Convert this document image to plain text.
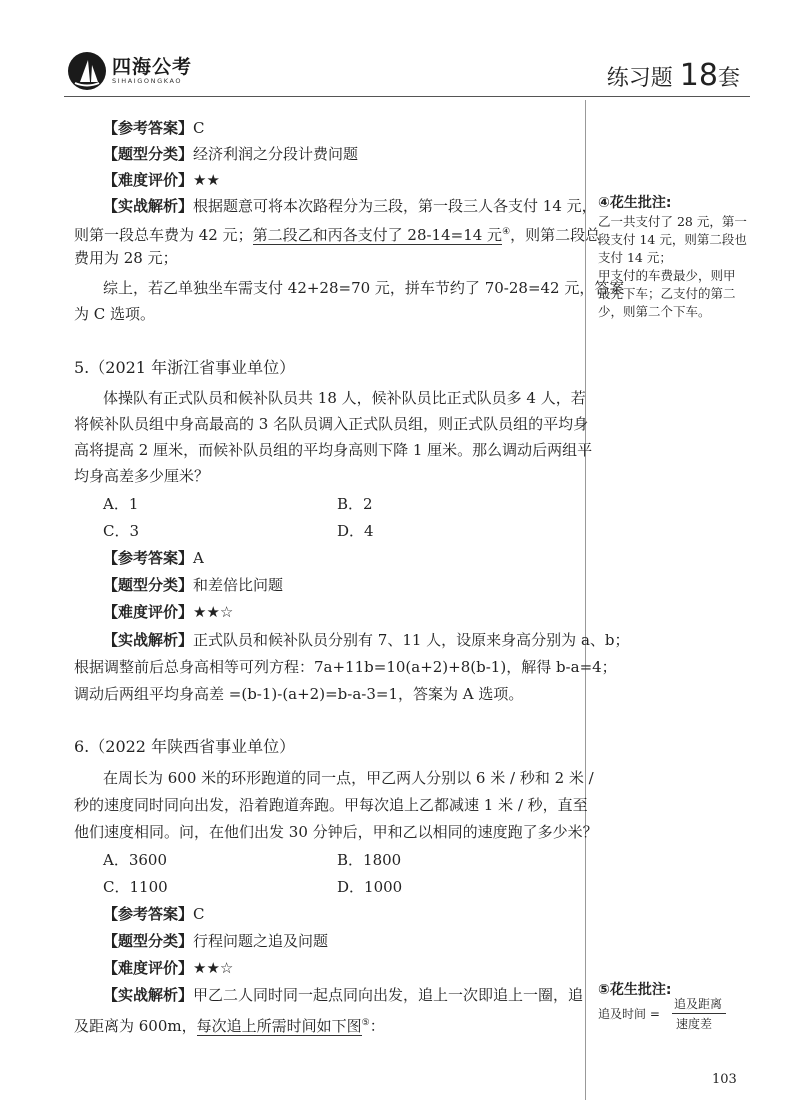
四海公考
SIHAIGONGKAO	练习题 18套
【参考答案】C
【题型分类】经济利润之分段计费问题
【难度评价】★★
【实战解析】根据题意可将本次路程分为三段，第一段三人各支付 14 元，
则第一段总车费为 42 元；第二段乙和丙各支付了 28-14=14 元④，则第二段总
费用为 28 元；
综上，若乙单独坐车需支付 42+28=70 元，拼车节约了 70-28=42 元，答案
为 C 选项。
5.（2021 年浙江省事业单位）
体操队有正式队员和候补队员共 18 人，候补队员比正式队员多 4 人，若
将候补队员组中身高最高的 3 名队员调入正式队员组，则正式队员组的平均身
高将提高 2 厘米，而候补队员组的平均身高则下降 1 厘米。那么调动后两组平
均身高差多少厘米？
A．1	B．2
C．3	D．4
【参考答案】A
【题型分类】和差倍比问题
【难度评价】★★☆
【实战解析】正式队员和候补队员分别有 7、11 人，设原来身高分别为 a、b；
根据调整前后总身高相等可列方程：7a+11b=10(a+2)+8(b-1)，解得 b-a=4；
调动后两组平均身高差 =(b-1)-(a+2)=b-a-3=1，答案为 A 选项。
6.（2022 年陕西省事业单位）
在周长为 600 米的环形跑道的同一点，甲乙两人分别以 6 米 / 秒和 2 米 /
秒的速度同时同向出发，沿着跑道奔跑。甲每次追上乙都减速 1 米 / 秒，直至
他们速度相同。问，在他们出发 30 分钟后，甲和乙以相同的速度跑了多少米？
A．3600	B．1800
C．1100	D．1000
【参考答案】C
【题型分类】行程问题之追及问题
【难度评价】★★☆
【实战解析】甲乙二人同时同一起点同向出发，追上一次即追上一圈，追
及距离为 600m，每次追上所需时间如下图⑤：
④花生批注:
乙一共支付了 28 元，第一
段支付 14 元，则第二段也
支付 14 元；
甲支付的车费最少，则甲
最先下车；乙支付的第二
少，则第二个下车。
⑤花生批注:
追及时间 =
追及距离
速度差
103
